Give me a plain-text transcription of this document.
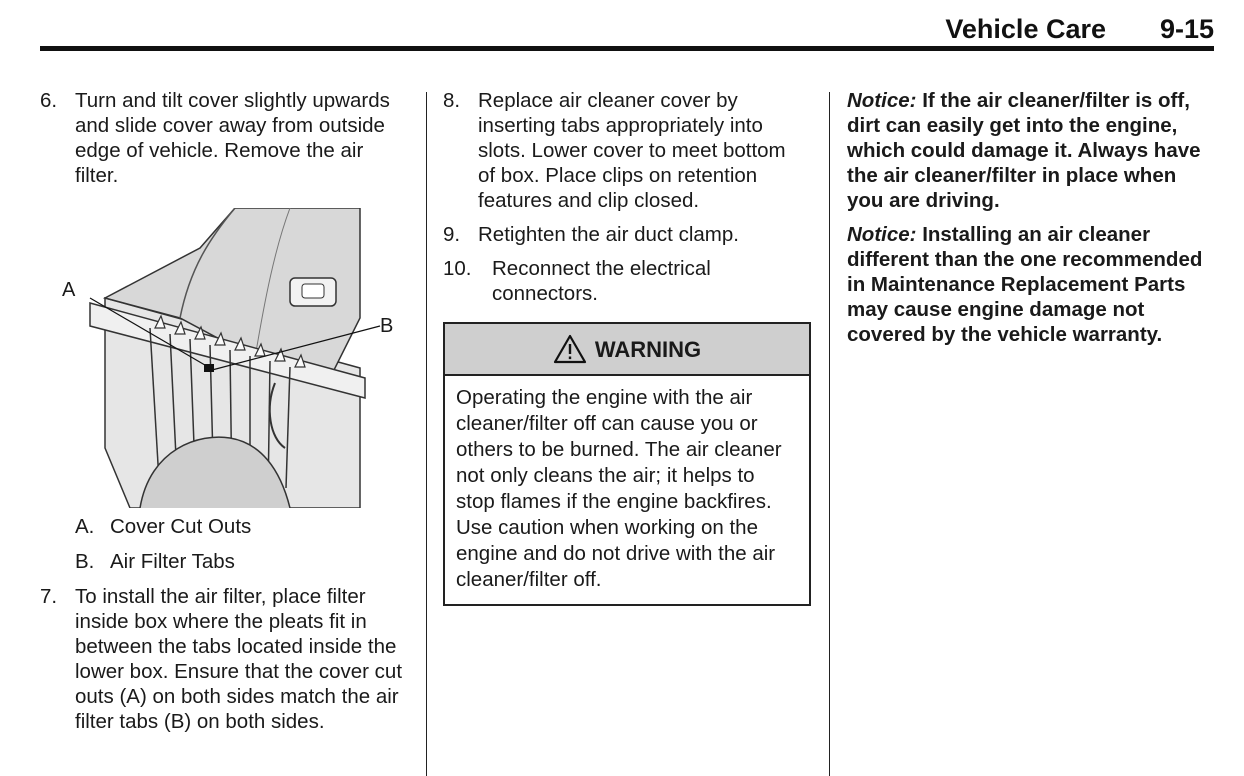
Vehicle Care 9-15
6. Turn and tilt cover slightly upwards and slide cover away from outside edge of vehicle. Remove the air filter.
A
B
A. Cover Cut Outs
B. Air Filter Tabs
7. To install the air filter, place filter inside box where the pleats fit in between the tabs located inside the lower box. Ensure that the cover cut outs (A) on both sides match the air filter tabs (B) on both sides.
8. Replace air cleaner cover by inserting tabs appropriately into slots. Lower cover to meet bottom of box. Place clips on retention features and clip closed.
9. Retighten the air duct clamp.
10. Reconnect the electrical connectors.
WARNING
Operating the engine with the air cleaner/filter off can cause you or others to be burned. The air cleaner not only cleans the air; it helps to stop flames if the engine backfires. Use caution when working on the engine and do not drive with the air cleaner/filter off.

Notice: If the air cleaner/filter is off, dirt can easily get into the engine, which could damage it. Always have the air cleaner/filter in place when you are driving.

Notice: Installing an air cleaner different than the one recommended in Maintenance Replacement Parts may cause engine damage not covered by the vehicle warranty.
